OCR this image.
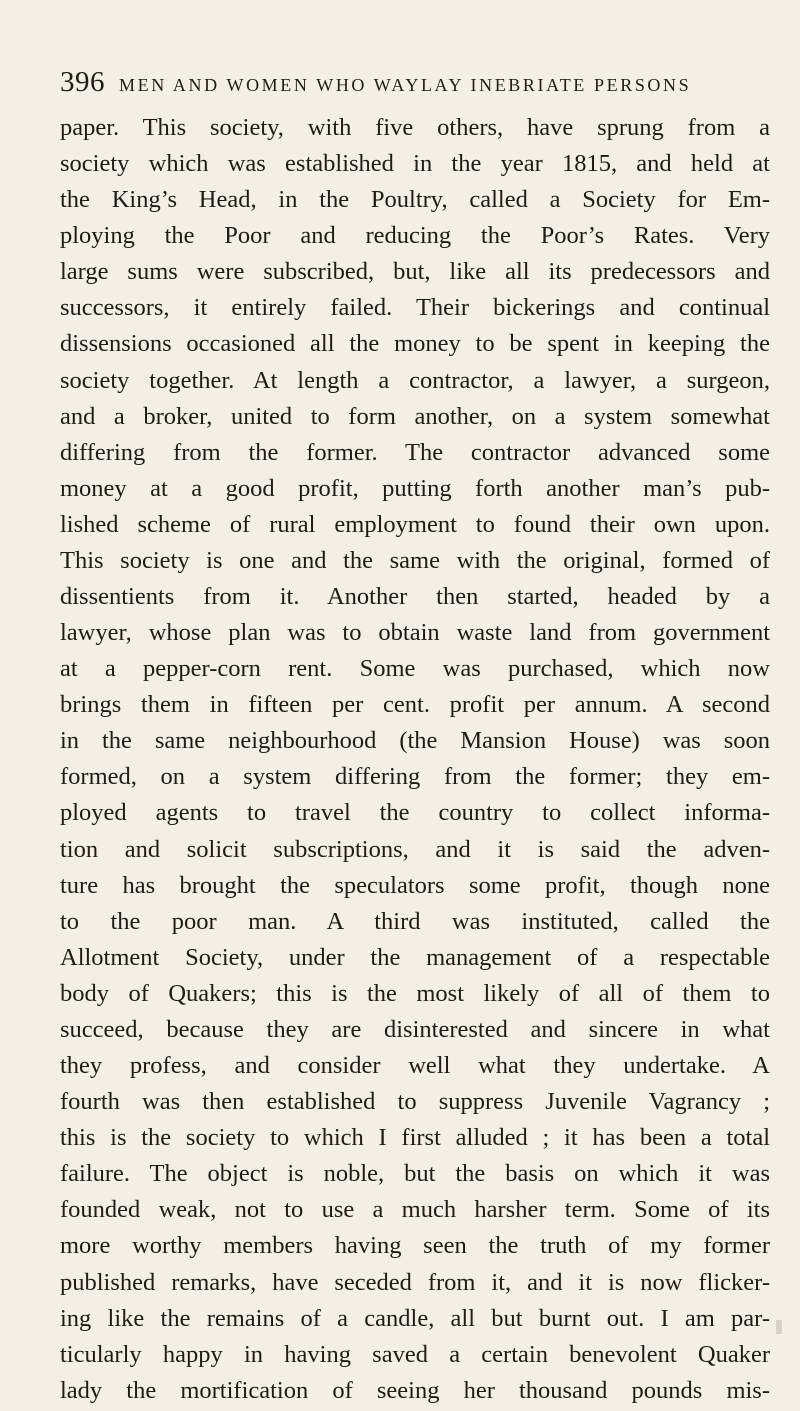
396 MEN AND WOMEN WHO WAYLAY INEBRIATE PERSONS
paper. This society, with five others, have sprung from a
society which was established in the year 1815, and held at
the King’s Head, in the Poultry, called a Society for Em-
ploying the Poor and reducing the Poor’s Rates. Very
large sums were subscribed, but, like all its predecessors and
successors, it entirely failed. Their bickerings and continual
dissensions occasioned all the money to be spent in keeping the
society together. At length a contractor, a lawyer, a surgeon,
and a broker, united to form another, on a system somewhat
differing from the former. The contractor advanced some
money at a good profit, putting forth another man’s pub-
lished scheme of rural employment to found their own upon.
This society is one and the same with the original, formed of
dissentients from it. Another then started, headed by a
lawyer, whose plan was to obtain waste land from government
at a pepper-corn rent. Some was purchased, which now
brings them in fifteen per cent. profit per annum. A second
in the same neighbourhood (the Mansion House) was soon
formed, on a system differing from the former; they em-
ployed agents to travel the country to collect informa-
tion and solicit subscriptions, and it is said the adven-
ture has brought the speculators some profit, though none
to the poor man. A third was instituted, called the
Allotment Society, under the management of a respectable
body of Quakers; this is the most likely of all of them to
succeed, because they are disinterested and sincere in what
they profess, and consider well what they undertake. A
fourth was then established to suppress Juvenile Vagrancy ;
this is the society to which I first alluded ; it has been a total
failure. The object is noble, but the basis on which it was
founded weak, not to use a much harsher term. Some of its
more worthy members having seen the truth of my former
published remarks, have seceded from it, and it is now flicker-
ing like the remains of a candle, all but burnt out. I am par-
ticularly happy in having saved a certain benevolent Quaker
lady the mortification of seeing her thousand pounds mis-
